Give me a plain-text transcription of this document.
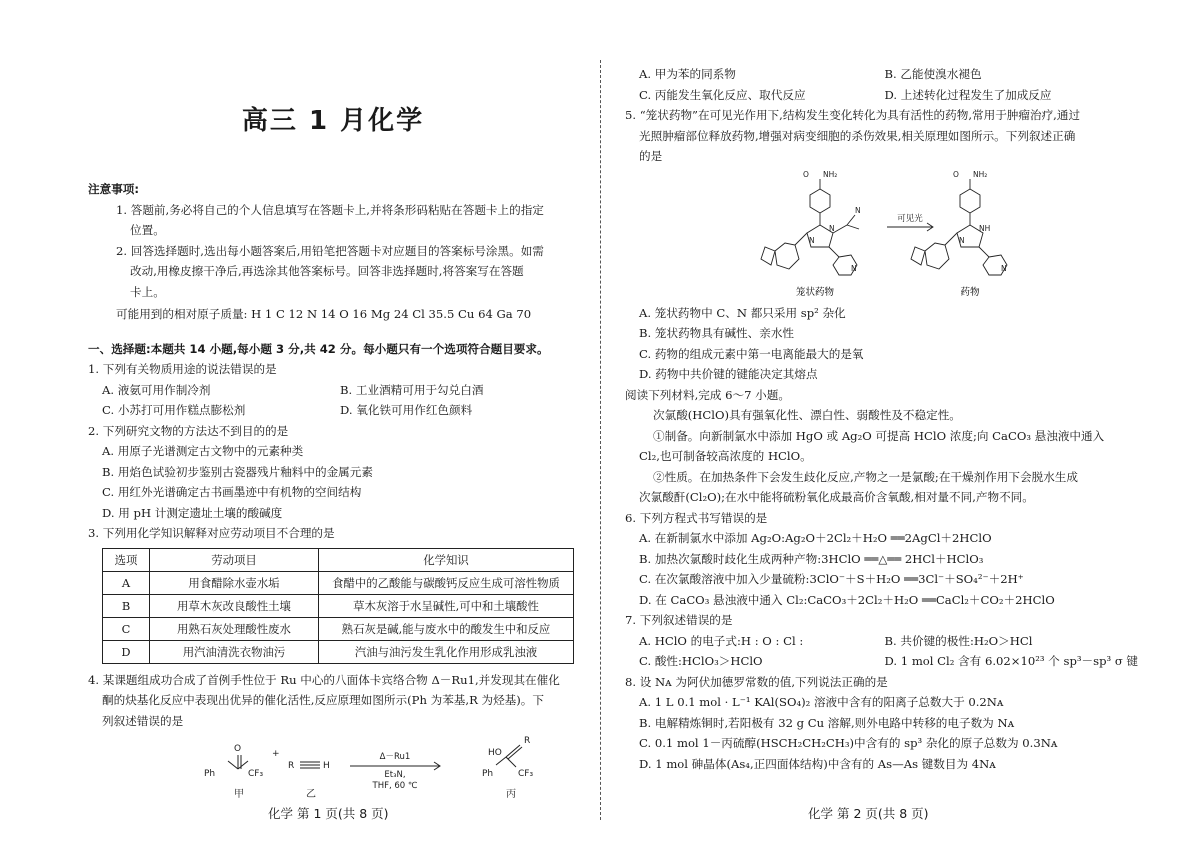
高三 1 月化学
注意事项:
1. 答题前,务必将自己的个人信息填写在答题卡上,并将条形码粘贴在答题卡上的指定
位置。
2. 回答选择题时,选出每小题答案后,用铅笔把答题卡对应题目的答案标号涂黑。如需
改动,用橡皮擦干净后,再选涂其他答案标号。回答非选择题时,将答案写在答题
卡上。
可能用到的相对原子质量: H 1 C 12 N 14 O 16 Mg 24 Cl 35.5 Cu 64 Ga 70
一、选择题:本题共 14 小题,每小题 3 分,共 42 分。每小题只有一个选项符合题目要求。
1. 下列有关物质用途的说法错误的是
A. 液氨可用作制冷剂	B. 工业酒精可用于勾兑白酒
C. 小苏打可用作糕点膨松剂	D. 氧化铁可用作红色颜料
2. 下列研究文物的方法达不到目的的是
A. 用原子光谱测定古文物中的元素种类
B. 用焰色试验初步鉴别古瓷器残片釉料中的金属元素
C. 用红外光谱确定古书画墨迹中有机物的空间结构
D. 用 pH 计测定遗址土壤的酸碱度
3. 下列用化学知识解释对应劳动项目不合理的是
选项	劳动项目	化学知识
A	用食醋除水壶水垢	食醋中的乙酸能与碳酸钙反应生成可溶性物质
B	用草木灰改良酸性土壤	草木灰溶于水呈碱性,可中和土壤酸性
C	用熟石灰处理酸性废水	熟石灰是碱,能与废水中的酸发生中和反应
D	用汽油清洗衣物油污	汽油与油污发生乳化作用形成乳浊液
4. 某课题组成功合成了首例手性位于 Ru 中心的八面体卡宾络合物 Δ－Ru1,并发现其在催化
酮的炔基化反应中表现出优异的催化活性,反应原理如图所示(Ph 为苯基,R 为烃基)。下
列叙述错误的是
O
Ph	CF₃
+
R	H
R
HO
Ph	CF₃
Δ－Ru1
Et₃N,
THF, 60 ℃
甲	乙	丙
化学 第 1 页(共 8 页)
A. 甲为苯的同系物	B. 乙能使溴水褪色
C. 丙能发生氧化反应、取代反应	D. 上述转化过程发生了加成反应
5. “笼状药物”在可见光作用下,结构发生变化转化为具有活性的药物,常用于肿瘤治疗,通过
光照肿瘤部位释放药物,增强对病变细胞的杀伤效果,相关原理如图所示。下列叙述正确
的是
O NH₂
N
N
N
N
O NH₂
NH
N
N
可见光
笼状药物	药物
A. 笼状药物中 C、N 都只采用 sp² 杂化
B. 笼状药物具有碱性、亲水性
C. 药物的组成元素中第一电离能最大的是氧
D. 药物中共价键的键能决定其熔点
阅读下列材料,完成 6～7 小题。
次氯酸(HClO)具有强氧化性、漂白性、弱酸性及不稳定性。
①制备。向新制氯水中添加 HgO 或 Ag₂O 可提高 HClO 浓度;向 CaCO₃ 悬浊液中通入
Cl₂,也可制备较高浓度的 HClO。
②性质。在加热条件下会发生歧化反应,产物之一是氯酸;在干燥剂作用下会脱水生成
次氯酸酐(Cl₂O);在水中能将硫粉氧化成最高价含氧酸,相对量不同,产物不同。
6. 下列方程式书写错误的是
A. 在新制氯水中添加 Ag₂O:Ag₂O＋2Cl₂＋H₂O ══2AgCl＋2HClO
B. 加热次氯酸时歧化生成两种产物:3HClO ══△══ 2HCl＋HClO₃
C. 在次氯酸溶液中加入少量硫粉:3ClO⁻＋S＋H₂O ══3Cl⁻＋SO₄²⁻＋2H⁺
D. 在 CaCO₃ 悬浊液中通入 Cl₂:CaCO₃＋2Cl₂＋H₂O ══CaCl₂＋CO₂＋2HClO
7. 下列叙述错误的是
A. HClO 的电子式:H : O : Cl :	B. 共价键的极性:H₂O＞HCl
C. 酸性:HClO₃＞HClO	D. 1 mol Cl₂ 含有 6.02×10²³ 个 sp³－sp³ σ 键
8. 设 Nᴀ 为阿伏加德罗常数的值,下列说法正确的是
A. 1 L 0.1 mol · L⁻¹ KAl(SO₄)₂ 溶液中含有的阳离子总数大于 0.2Nᴀ
B. 电解精炼铜时,若阳极有 32 g Cu 溶解,则外电路中转移的电子数为 Nᴀ
C. 0.1 mol 1－丙硫醇(HSCH₂CH₂CH₃)中含有的 sp³ 杂化的原子总数为 0.3Nᴀ
D. 1 mol 砷晶体(As₄,正四面体结构)中含有的 As—As 键数目为 4Nᴀ
化学 第 2 页(共 8 页)
